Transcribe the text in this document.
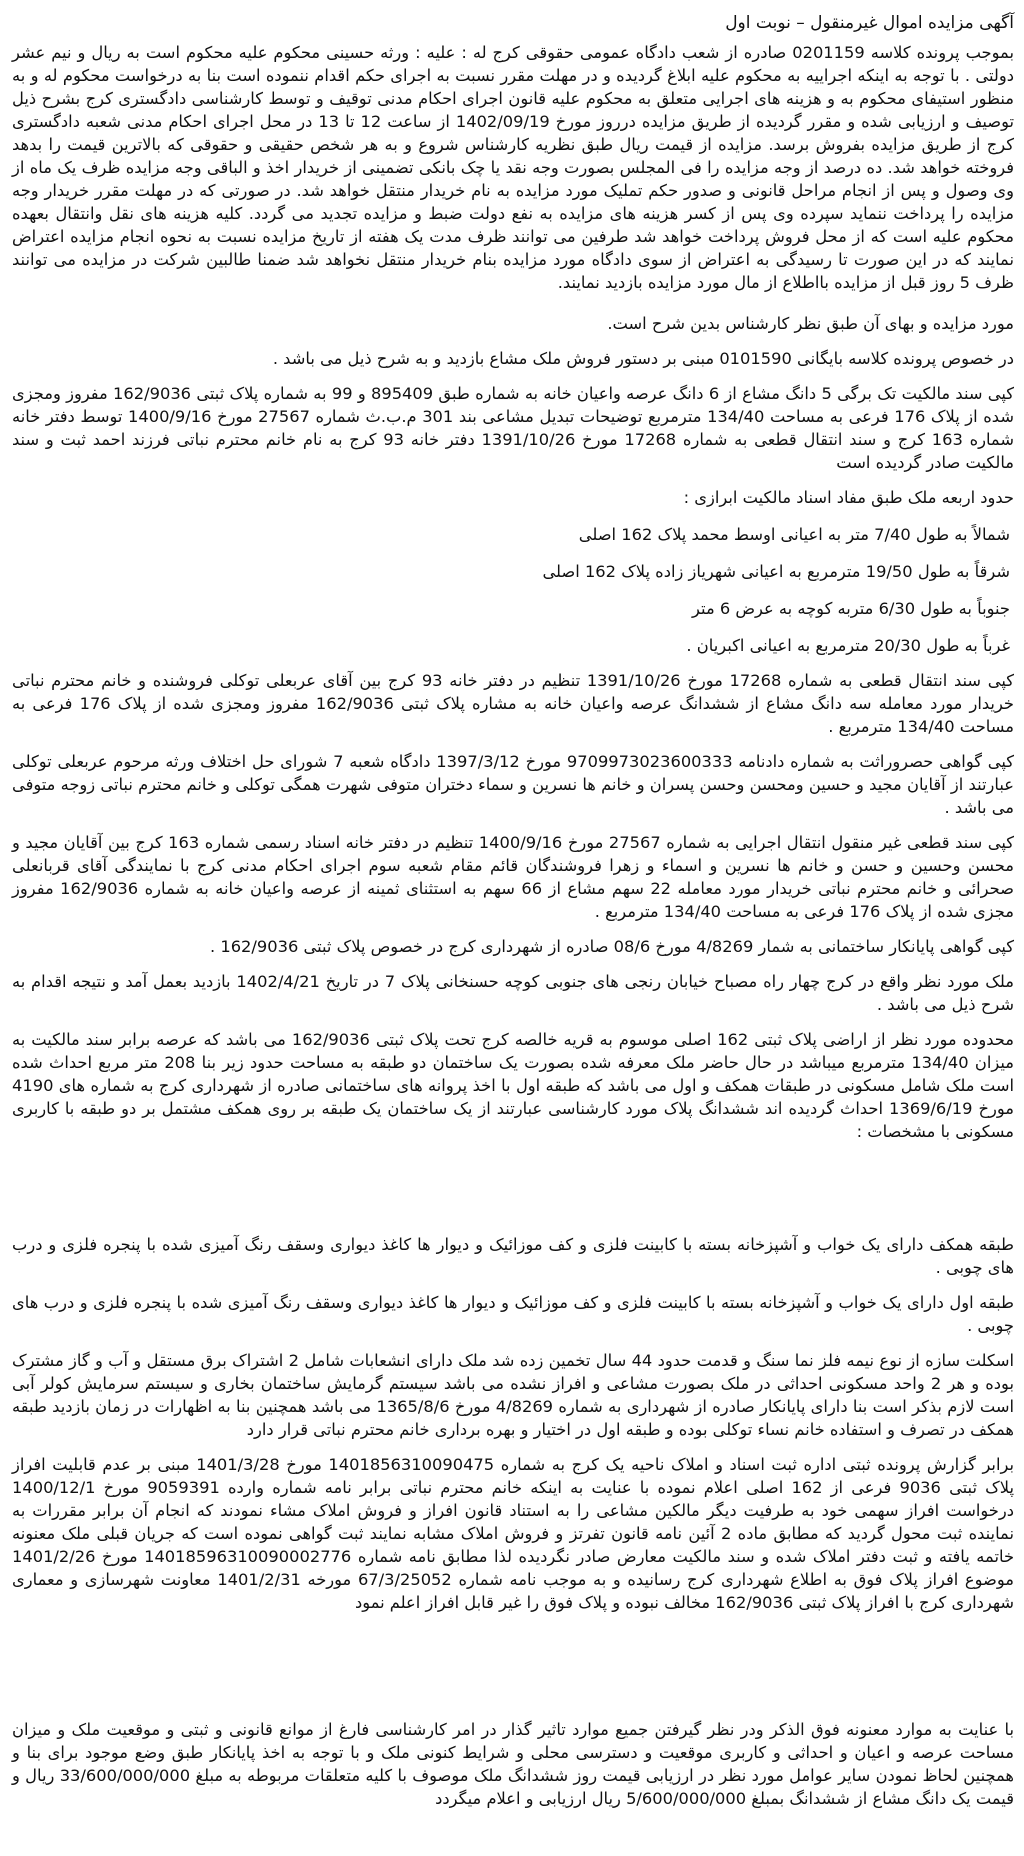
آگهی مزایده اموال غیرمنقول – نوبت اول

بموجب پرونده کلاسه 0201159 صادره از شعب دادگاه عمومی حقوقی کرج له : علیه : ورثه حسینی محکوم علیه محکوم است به ریال و نیم عشر دولتی . با توجه به اینکه اجراییه به محکوم علیه ابلاغ گردیده و در مهلت مقرر نسبت به اجرای حکم اقدام ننموده است بنا به درخواست محکوم له و به منظور استیفای محکوم به و هزینه های اجرایی متعلق به محکوم علیه قانون اجرای احکام مدنی توقیف و توسط کارشناسی دادگستری کرج بشرح ذیل توصیف و ارزیابی شده و مقرر گردیده از طریق مزایده درروز مورخ 1402/09/19 از ساعت 12 تا 13 در محل اجرای احکام مدنی شعبه دادگستری کرج از طریق مزایده بفروش برسد. مزایده از قیمت ریال طبق نظریه کارشناس شروع و به هر شخص حقیقی و حقوقی که بالاترین قیمت را بدهد فروخته خواهد شد. ده درصد از وجه مزایده را فی المجلس بصورت وجه نقد یا چک بانکی تضمینی از خریدار اخذ و الباقی وجه مزایده ظرف یک ماه از وی وصول و پس از انجام مراحل قانونی و صدور حکم تملیک مورد مزایده به نام خریدار منتقل خواهد شد. در صورتی که در مهلت مقرر خریدار وجه مزایده را پرداخت ننماید سپرده وی پس از کسر هزینه های مزایده به نفع دولت ضبط و مزایده تجدید می گردد. کلیه هزینه های نقل وانتقال بعهده محکوم علیه است که از محل فروش پرداخت خواهد شد طرفین می توانند ظرف مدت یک هفته از تاریخ مزایده نسبت به نحوه انجام مزایده اعتراض نمایند که در این صورت تا رسیدگی به اعتراض از سوی دادگاه مورد مزایده بنام خریدار منتقل نخواهد شد ضمنا طالبین شرکت در مزایده می توانند ظرف 5 روز قبل از مزایده بااطلاع از مال مورد مزایده بازدید نمایند.

مورد مزایده و بهای آن طبق نظر کارشناس بدین شرح است.

در خصوص پرونده کلاسه بایگانی 0101590 مبنی بر دستور فروش ملک مشاع بازدید و به شرح ذیل می باشد .

کپی سند مالکیت تک برگی 5 دانگ مشاع از 6 دانگ عرصه واعیان خانه به شماره طبق 895409 و 99 به شماره پلاک ثبتی 162/9036 مفروز ومجزی شده از پلاک 176 فرعی به مساحت 134/40 مترمربع توضیحات تبدیل مشاعی بند 301 م.ب.ث شماره 27567 مورخ 1400/9/16 توسط دفتر خانه شماره 163 کرج و سند انتقال قطعی به شماره 17268 مورخ 1391/10/26 دفتر خانه 93 کرج به نام خانم محترم نباتی فرزند احمد ثبت و سند مالکیت صادر گردیده است

حدود اربعه ملک طبق مفاد اسناد مالکیت ابرازی :

شمالاً به طول 7/40 متر به اعیانی اوسط محمد پلاک 162 اصلی

شرقاً به طول 19/50 مترمربع به اعیانی شهریاز زاده پلاک 162 اصلی

جنوباً به طول 6/30 متربه کوچه به عرض 6 متر

غرباً به طول 20/30 مترمربع به اعیانی اکبریان .

کپی سند انتقال قطعی به شماره 17268 مورخ 1391/10/26 تنظیم در دفتر خانه 93 کرج بین آقای عربعلی توکلی فروشنده و خانم محترم نباتی خریدار مورد معامله سه دانگ مشاع از ششدانگ عرصه واعیان خانه به مشاره پلاک ثبتی 162/9036 مفروز ومجزی شده از پلاک 176 فرعی به مساحت 134/40 مترمربع .

کپی گواهی حصروراثت به شماره دادنامه 9709973023600333 مورخ 1397/3/12 دادگاه شعبه 7 شورای حل اختلاف ورثه مرحوم عربعلی توکلی عبارتند از آقایان مجید و حسین ومحسن وحسن پسران و خانم ها نسرین و سماء دختران متوفی شهرت همگی توکلی و خانم محترم نباتی زوجه متوفی می باشد .

کپی سند قطعی غیر منقول انتقال اجرایی به شماره 27567 مورخ 1400/9/16 تنظیم در دفتر خانه اسناد رسمی شماره 163 کرج بین آقایان مجید و محسن وحسین و حسن و خانم ها نسرین و اسماء و زهرا فروشندگان قائم مقام شعبه سوم اجرای احکام مدنی کرج با نمایندگی آقای قربانعلی صحرائی و خانم محترم نباتی خریدار مورد معامله 22 سهم مشاع از 66 سهم به استثنای ثمینه از عرصه واعیان خانه به شماره 162/9036 مفروز مجزی شده از پلاک 176 فرعی به مساحت 134/40 مترمربع .

کپی گواهی پایانکار ساختمانی به شمار 4/8269 مورخ 08/6 صادره از شهرداری کرج در خصوص پلاک ثبتی 162/9036 .

ملک مورد نظر واقع در کرج چهار راه مصباح خیابان رنجی های جنوبی کوچه حسنخانی پلاک 7 در تاریخ 1402/4/21 بازدید بعمل آمد و نتیجه اقدام به شرح ذیل می باشد .

محدوده مورد نظر از اراضی پلاک ثبتی 162 اصلی موسوم به قریه خالصه کرج تحت پلاک ثبتی 162/9036 می باشد که عرصه برابر سند مالکیت به میزان 134/40 مترمربع میباشد در حال حاضر ملک معرفه شده بصورت یک ساختمان دو طبقه به مساحت حدود زیر بنا 208 متر مربع احداث شده است ملک شامل مسکونی در طبقات همکف و اول می باشد که طبقه اول با اخذ پروانه های ساختمانی صادره از شهرداری کرج به شماره های 4190 مورخ 1369/6/19 احداث گردیده اند ششدانگ پلاک مورد کارشناسی عبارتند از یک ساختمان یک طبقه بر روی همکف مشتمل بر دو طبقه با کاربری مسکونی با مشخصات :

طبقه همکف دارای یک خواب و آشپزخانه بسته با کابینت فلزی و کف موزائیک و دیوار ها کاغذ دیواری وسقف رنگ آمیزی شده با پنجره فلزی و درب های چوبی .

طبقه اول دارای یک خواب و آشپزخانه بسته با کابینت فلزی و کف موزائیک و دیوار ها کاغذ دیواری وسقف رنگ آمیزی شده با پنجره فلزی و درب های چوبی .

اسکلت سازه از نوع نیمه فلز نما سنگ و قدمت حدود 44 سال تخمین زده شد ملک دارای انشعابات شامل 2 اشتراک برق مستقل و آب و گاز مشترک بوده و هر 2 واحد مسکونی احداثی در ملک بصورت مشاعی و افراز نشده می باشد سیستم گرمایش ساختمان بخاری و سیستم سرمایش کولر آبی است لازم بذکر است بنا دارای پایانکار صادره از شهرداری به شماره 4/8269 مورخ 1365/8/6 می باشد همچنین بنا به اظهارات در زمان بازدید طبقه همکف در تصرف و استفاده خانم نساء توکلی بوده و طبقه اول در اختیار و بهره برداری خانم محترم نباتی قرار دارد

برابر گزارش پرونده ثبتی اداره ثبت اسناد و املاک ناحیه یک کرج به شماره 1401856310090475 مورخ 1401/3/28 مبنی بر عدم قابلیت افراز پلاک ثبتی 9036 فرعی از 162 اصلی اعلام نموده با عنایت به اینکه خانم محترم نباتی برابر نامه شماره وارده 9059391 مورخ 1400/12/1 درخواست افراز سهمی خود به طرفیت دیگر مالکین مشاعی را به استناد قانون افراز و فروش املاک مشاء نمودند که انجام آن برابر مقررات به نماینده ثبت محول گردید که مطابق ماده 2 آئین نامه قانون تفرتز و فروش املاک مشابه نمایند ثبت گواهی نموده است که جریان قبلی ملک معنونه خاتمه یافته و ثبت دفتر املاک شده و سند مالکیت معارض صادر نگردیده لذا مطابق نامه شماره 14018596310090002776 مورخ 1401/2/26 موضوع افراز پلاک فوق به اطلاع شهرداری کرج رسانیده و به موجب نامه شماره 67/3/25052 مورخه 1401/2/31 معاونت شهرسازی و معماری شهرداری کرج با افراز پلاک ثبتی 162/9036 مخالف نبوده و پلاک فوق را غیر قابل افراز اعلم نمود

با عنایت به موارد معنونه فوق الذکر ودر نظر گیرفتن جمیع موارد تاثیر گذار در امر کارشناسی فارغ از موانع قانونی و ثبتی و موقعیت ملک و میزان مساحت عرصه و اعیان و احداثی و کاربری موقعیت و دسترسی محلی و شرایط کنونی ملک و با توجه به اخذ پایانکار طبق وضع موجود برای بنا و همچنین لحاظ نمودن سایر عوامل مورد نظر در ارزیابی قیمت روز ششدانگ ملک موصوف با کلیه متعلقات مربوطه به مبلغ 33/600/000/000 ریال و قیمت یک دانگ مشاع از ششدانگ بمبلغ 5/600/000/000 ریال ارزیابی و اعلام میگردد
